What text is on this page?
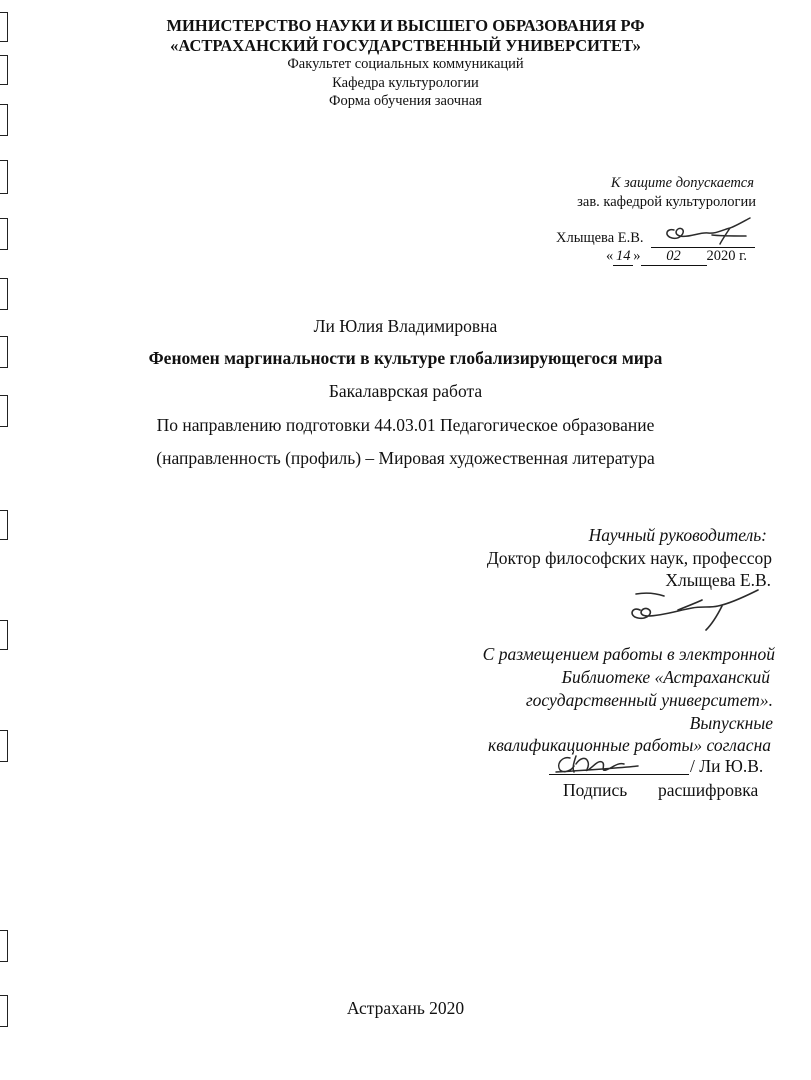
МИНИСТЕРСТВО НАУКИ И ВЫСШЕГО ОБРАЗОВАНИЯ РФ
«АСТРАХАНСКИЙ ГОСУДАРСТВЕННЫЙ УНИВЕРСИТЕТ»
Факультет социальных коммуникаций
Кафедра культурологии
Форма обучения заочная
К защите допускается
зав. кафедрой культурологии
Хлыщева Е.В.
« 14 » 02 2020 г.
Ли Юлия Владимировна
Феномен маргинальности в культуре глобализирующегося мира
Бакалаврская работа
По направлению подготовки 44.03.01 Педагогическое образование
(направленность (профиль) – Мировая художественная литература
Научный руководитель:
Доктор философских наук, профессор
Хлыщева Е.В.
С размещением работы в электронной
Библиотеке «Астраханский
государственный университет».
Выпускные
квалификационные работы» согласна
/ Ли Ю.В.
Подпись расшифровка
Астрахань 2020
